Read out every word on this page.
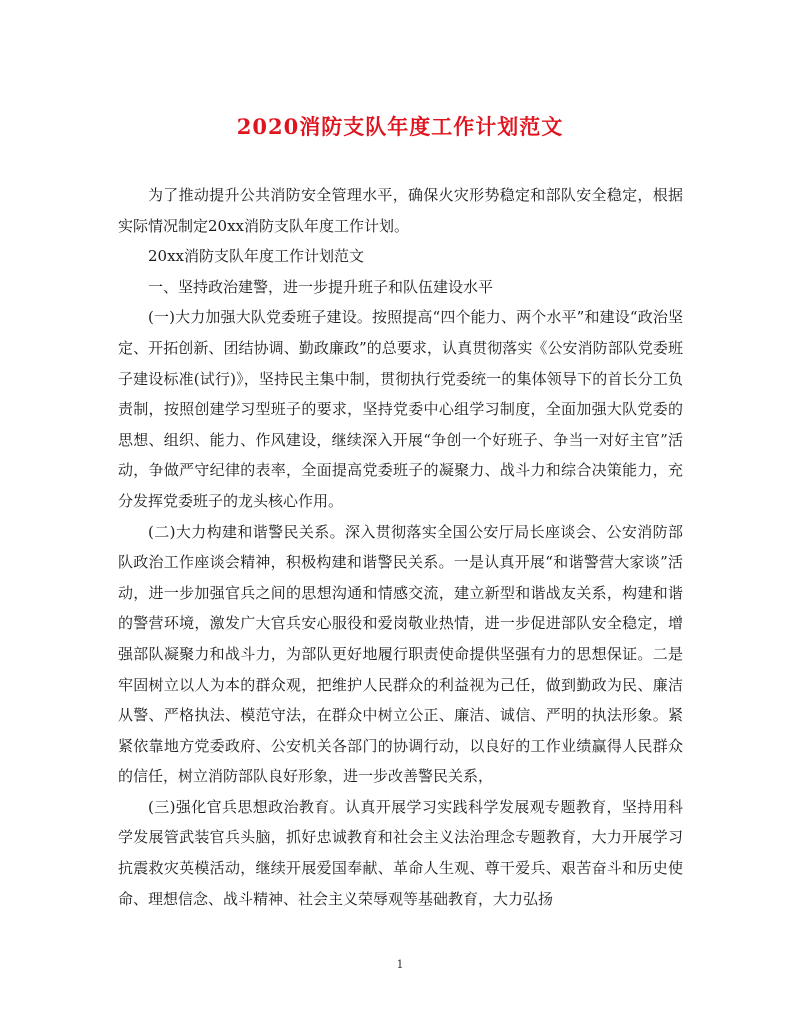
2020消防支队年度工作计划范文

为了推动提升公共消防安全管理水平，确保火灾形势稳定和部队安全稳定，根据实际情况制定20xx消防支队年度工作计划。

20xx消防支队年度工作计划范文

一、坚持政治建警，进一步提升班子和队伍建设水平

(一)大力加强大队党委班子建设。按照提高“四个能力、两个水平”和建设“政治坚定、开拓创新、团结协调、勤政廉政”的总要求，认真贯彻落实《公安消防部队党委班子建设标准(试行)》，坚持民主集中制，贯彻执行党委统一的集体领导下的首长分工负责制，按照创建学习型班子的要求，坚持党委中心组学习制度，全面加强大队党委的思想、组织、能力、作风建设，继续深入开展“争创一个好班子、争当一对好主官”活动，争做严守纪律的表率，全面提高党委班子的凝聚力、战斗力和综合决策能力，充分发挥党委班子的龙头核心作用。

(二)大力构建和谐警民关系。深入贯彻落实全国公安厅局长座谈会、公安消防部队政治工作座谈会精神，积极构建和谐警民关系。一是认真开展“和谐警营大家谈”活动，进一步加强官兵之间的思想沟通和情感交流，建立新型和谐战友关系，构建和谐的警营环境，激发广大官兵安心服役和爱岗敬业热情，进一步促进部队安全稳定，增强部队凝聚力和战斗力，为部队更好地履行职责使命提供坚强有力的思想保证。二是牢固树立以人为本的群众观，把维护人民群众的利益视为己任，做到勤政为民、廉洁从警、严格执法、模范守法，在群众中树立公正、廉洁、诚信、严明的执法形象。紧紧依靠地方党委政府、公安机关各部门的协调行动，以良好的工作业绩赢得人民群众的信任，树立消防部队良好形象，进一步改善警民关系，

(三)强化官兵思想政治教育。认真开展学习实践科学发展观专题教育，坚持用科学发展管武装官兵头脑，抓好忠诚教育和社会主义法治理念专题教育，大力开展学习抗震救灾英模活动，继续开展爱国奉献、革命人生观、尊干爱兵、艰苦奋斗和历史使命、理想信念、战斗精神、社会主义荣辱观等基础教育，大力弘扬

1
